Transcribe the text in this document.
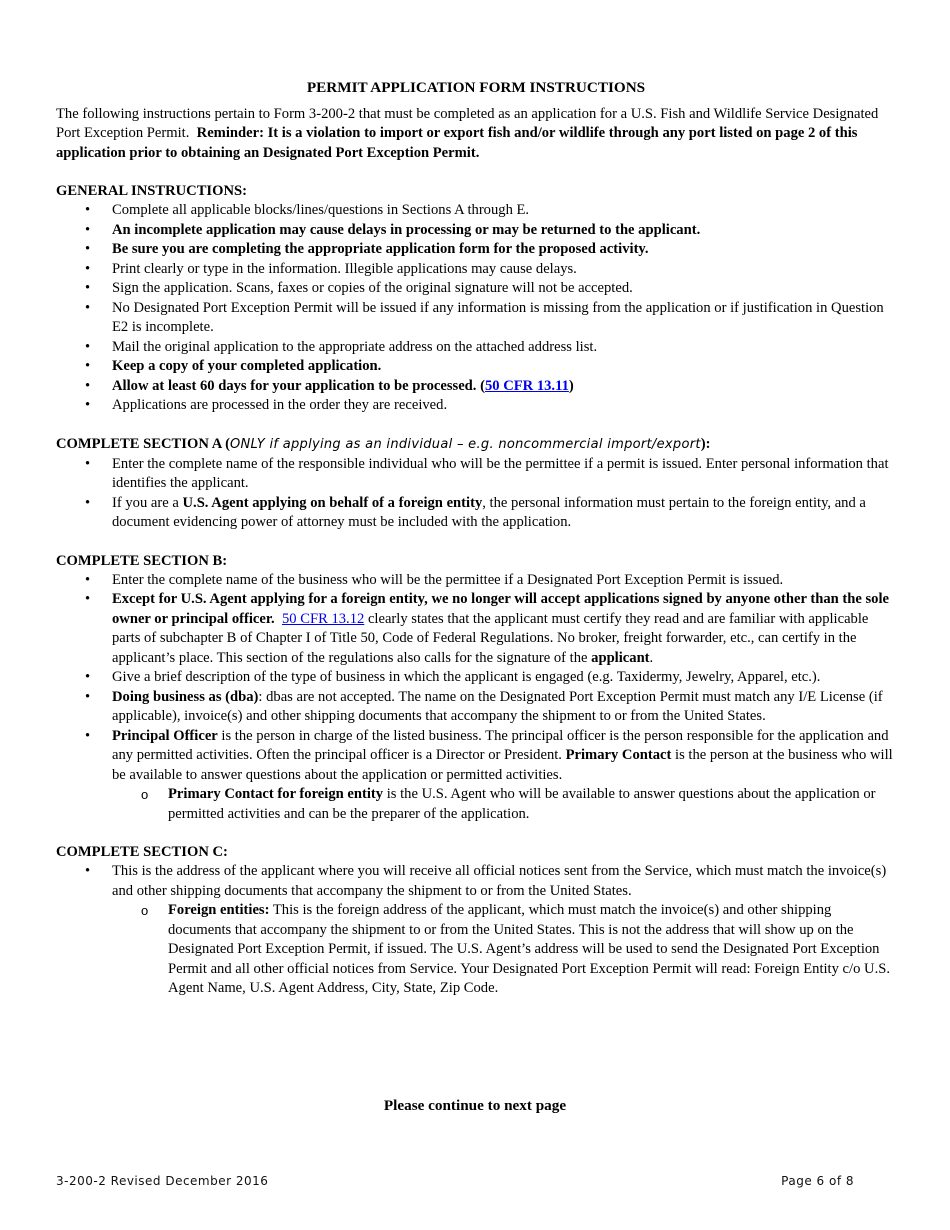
PERMIT APPLICATION FORM INSTRUCTIONS

The following instructions pertain to Form 3-200-2 that must be completed as an application for a U.S. Fish and Wildlife Service Designated Port Exception Permit. Reminder: It is a violation to import or export fish and/or wildlife through any port listed on page 2 of this application prior to obtaining an Designated Port Exception Permit.

GENERAL INSTRUCTIONS:
• Complete all applicable blocks/lines/questions in Sections A through E.
• An incomplete application may cause delays in processing or may be returned to the applicant.
• Be sure you are completing the appropriate application form for the proposed activity.
• Print clearly or type in the information. Illegible applications may cause delays.
• Sign the application. Scans, faxes or copies of the original signature will not be accepted.
• No Designated Port Exception Permit will be issued if any information is missing from the application or if justification in Question E2 is incomplete.
• Mail the original application to the appropriate address on the attached address list.
• Keep a copy of your completed application.
• Allow at least 60 days for your application to be processed. (50 CFR 13.11)
• Applications are processed in the order they are received.
COMPLETE SECTION A (ONLY if applying as an individual – e.g. noncommercial import/export):
• Enter the complete name of the responsible individual who will be the permittee if a permit is issued. Enter personal information that identifies the applicant.
• If you are a U.S. Agent applying on behalf of a foreign entity, the personal information must pertain to the foreign entity, and a document evidencing power of attorney must be included with the application.
COMPLETE SECTION B:
• Enter the complete name of the business who will be the permittee if a Designated Port Exception Permit is issued.
• Except for U.S. Agent applying for a foreign entity, we no longer will accept applications signed by anyone other than the sole owner or principal officer. 50 CFR 13.12 clearly states that the applicant must certify they read and are familiar with applicable parts of subchapter B of Chapter I of Title 50, Code of Federal Regulations. No broker, freight forwarder, etc., can certify in the applicant’s place. This section of the regulations also calls for the signature of the applicant.
• Give a brief description of the type of business in which the applicant is engaged (e.g. Taxidermy, Jewelry, Apparel, etc.).
• Doing business as (dba): dbas are not accepted. The name on the Designated Port Exception Permit must match any I/E License (if applicable), invoice(s) and other shipping documents that accompany the shipment to or from the United States.
• Principal Officer is the person in charge of the listed business. The principal officer is the person responsible for the application and any permitted activities. Often the principal officer is a Director or President. Primary Contact is the person at the business who will be available to answer questions about the application or permitted activities.
o Primary Contact for foreign entity is the U.S. Agent who will be available to answer questions about the application or permitted activities and can be the preparer of the application.
COMPLETE SECTION C:
• This is the address of the applicant where you will receive all official notices sent from the Service, which must match the invoice(s) and other shipping documents that accompany the shipment to or from the United States.
o Foreign entities: This is the foreign address of the applicant, which must match the invoice(s) and other shipping documents that accompany the shipment to or from the United States. This is not the address that will show up on the Designated Port Exception Permit, if issued. The U.S. Agent’s address will be used to send the Designated Port Exception Permit and all other official notices from Service. Your Designated Port Exception Permit will read: Foreign Entity c/o U.S. Agent Name, U.S. Agent Address, City, State, Zip Code.
Please continue to next page
3-200-2 Revised December 2016	Page 6 of 8
